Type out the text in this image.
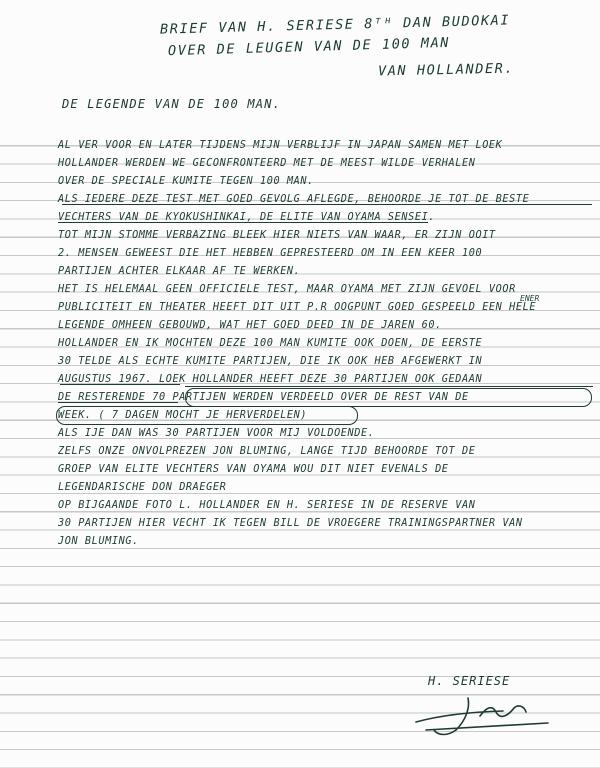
BRIEF VAN H. SERIESE 8ᵀᴴ DAN BUDOKAI
OVER DE LEUGEN VAN DE 100 MAN
VAN HOLLANDER.
DE LEGENDE VAN DE 100 MAN.
AL VER VOOR EN LATER TIJDENS MIJN VERBLIJF IN JAPAN SAMEN MET LOEK
HOLLANDER WERDEN WE GECONFRONTEERD MET DE MEEST WILDE VERHALEN
OVER DE SPECIALE KUMITE TEGEN 100 MAN.
ALS IEDERE DEZE TEST MET GOED GEVOLG AFLEGDE, BEHOORDE JE TOT DE BESTE
VECHTERS VAN DE KYOKUSHINKAI, DE ELITE VAN OYAMA SENSEI.
TOT MIJN STOMME VERBAZING BLEEK HIER NIETS VAN WAAR, ER ZIJN OOIT
2. MENSEN GEWEEST DIE HET HEBBEN GEPRESTEERD OM IN EEN KEER 100
PARTIJEN ACHTER ELKAAR AF TE WERKEN.
HET IS HELEMAAL GEEN OFFICIELE TEST, MAAR OYAMA MET ZIJN GEVOEL VOOR
PUBLICITEIT EN THEATER HEEFT DIT UIT P.R OOGPUNT GOED GESPEELD EEN HELE
LEGENDE OMHEEN GEBOUWD, WAT HET GOED DEED IN DE JAREN 60.
HOLLANDER EN IK MOCHTEN DEZE 100 MAN KUMITE OOK DOEN, DE EERSTE
30 TELDE ALS ECHTE KUMITE PARTIJEN, DIE IK OOK HEB AFGEWERKT IN
AUGUSTUS 1967. LOEK HOLLANDER HEEFT DEZE 30 PARTIJEN OOK GEDAAN
DE RESTERENDE 70 PARTIJEN WERDEN VERDEELD OVER DE REST VAN DE
WEEK. ( 7 DAGEN MOCHT JE HERVERDELEN)
ALS IJE DAN WAS 30 PARTIJEN VOOR MIJ VOLDOENDE.
ZELFS ONZE ONVOLPREZEN JON BLUMING, LANGE TIJD BEHOORDE TOT DE
GROEP VAN ELITE VECHTERS VAN OYAMA WOU DIT NIET EVENALS DE
LEGENDARISCHE DON DRAEGER
OP BIJGAANDE FOTO L. HOLLANDER EN H. SERIESE IN DE RESERVE VAN
30 PARTIJEN HIER VECHT IK TEGEN BILL DE VROEGERE TRAININGSPARTNER VAN
JON BLUMING.
ENER
H. SERIESE
